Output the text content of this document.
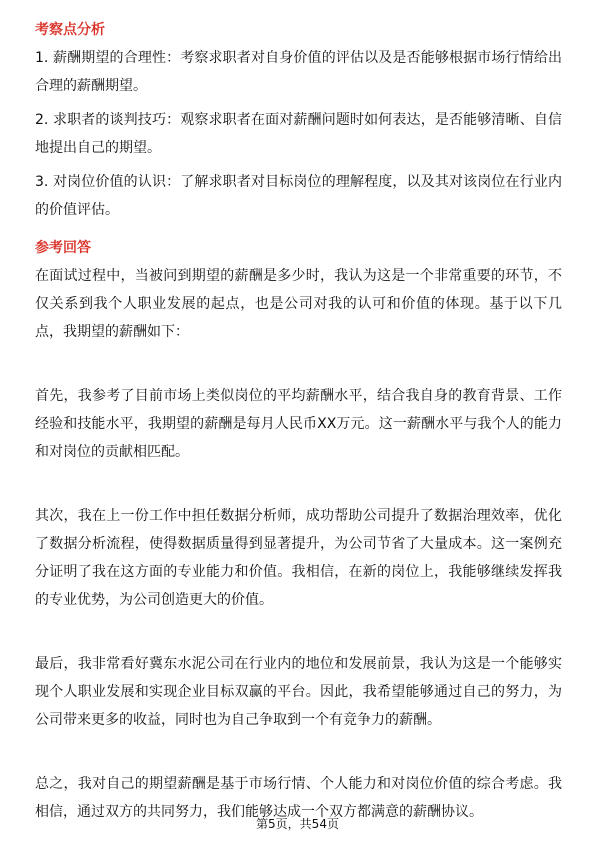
考察点分析
1. 薪酬期望的合理性：考察求职者对自身价值的评估以及是否能够根据市场行情给出合理的薪酬期望。
2. 求职者的谈判技巧：观察求职者在面对薪酬问题时如何表达，是否能够清晰、自信地提出自己的期望。
3. 对岗位价值的认识：了解求职者对目标岗位的理解程度，以及其对该岗位在行业内的价值评估。
参考回答
在面试过程中，当被问到期望的薪酬是多少时，我认为这是一个非常重要的环节，不仅关系到我个人职业发展的起点，也是公司对我的认可和价值的体现。基于以下几点，我期望的薪酬如下：
首先，我参考了目前市场上类似岗位的平均薪酬水平，结合我自身的教育背景、工作经验和技能水平，我期望的薪酬是每月人民币XX万元。这一薪酬水平与我个人的能力和对岗位的贡献相匹配。
其次，我在上一份工作中担任数据分析师，成功帮助公司提升了数据治理效率，优化了数据分析流程，使得数据质量得到显著提升，为公司节省了大量成本。这一案例充分证明了我在这方面的专业能力和价值。我相信，在新的岗位上，我能够继续发挥我的专业优势，为公司创造更大的价值。
最后，我非常看好冀东水泥公司在行业内的地位和发展前景，我认为这是一个能够实现个人职业发展和实现企业目标双赢的平台。因此，我希望能够通过自己的努力，为公司带来更多的收益，同时也为自己争取到一个有竞争力的薪酬。
总之，我对自己的期望薪酬是基于市场行情、个人能力和对岗位价值的综合考虑。我相信，通过双方的共同努力，我们能够达成一个双方都满意的薪酬协议。
第5页，共54页
